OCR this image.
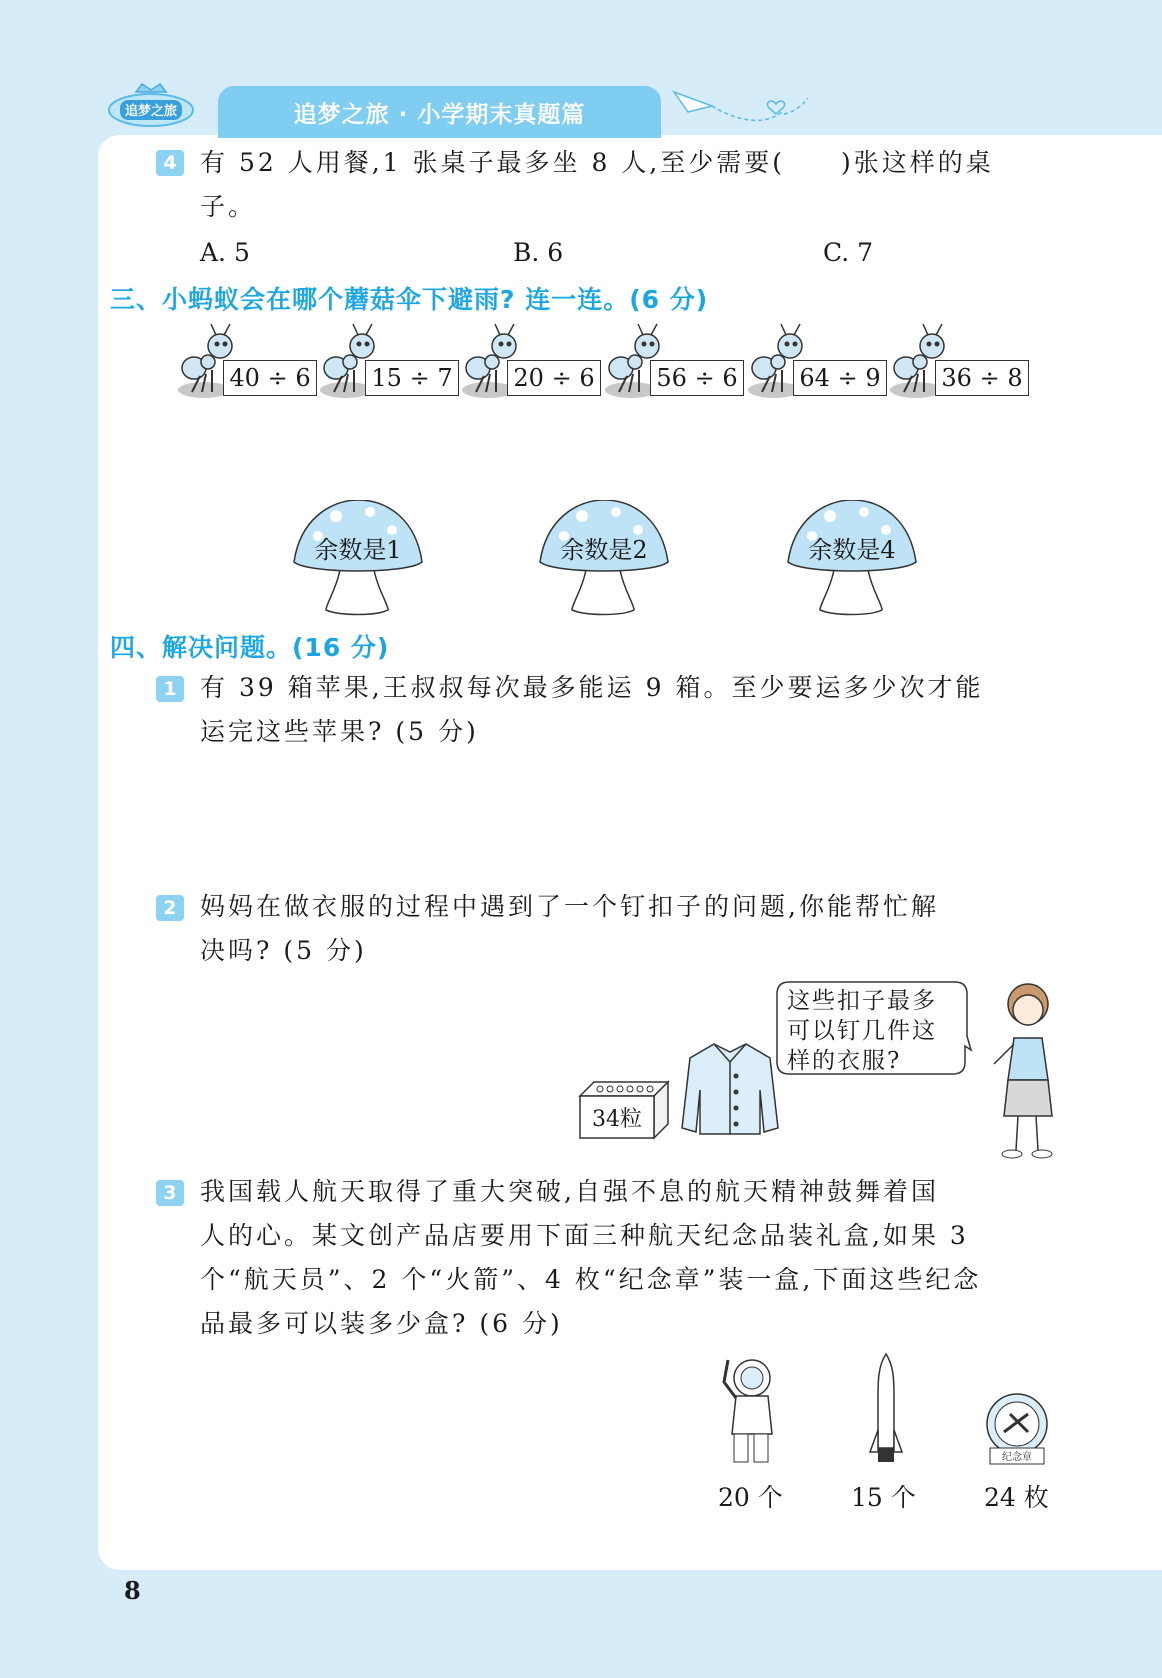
追梦之旅	追梦之旅 · 小学期末真题篇
4 有 52 人用餐,1 张桌子最多坐 8 人,至少需要(　　)张这样的桌
子。
A. 5	B. 6	C. 7
三、小蚂蚁会在哪个蘑菇伞下避雨? 连一连。(6 分)
40 ÷ 6	15 ÷ 7	20 ÷ 6	56 ÷ 6	64 ÷ 9	36 ÷ 8
余数是1	余数是2	余数是4
四、解决问题。(16 分)
1 有 39 箱苹果,王叔叔每次最多能运 9 箱。至少要运多少次才能
运完这些苹果? (5 分)
2 妈妈在做衣服的过程中遇到了一个钉扣子的问题,你能帮忙解
决吗? (5 分)
这些扣子最多
可以钉几件这
样的衣服?
34粒
3 我国载人航天取得了重大突破,自强不息的航天精神鼓舞着国
人的心。某文创产品店要用下面三种航天纪念品装礼盒,如果 3
个“航天员”、2 个“火箭”、4 枚“纪念章”装一盒,下面这些纪念
品最多可以装多少盒? (6 分)
纪念章
20 个	15 个	24 枚
8
